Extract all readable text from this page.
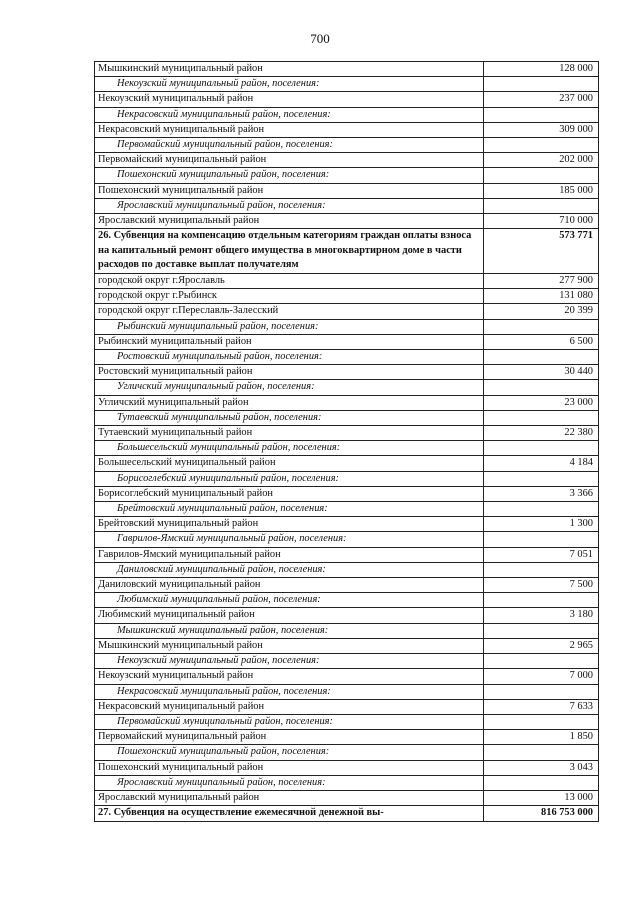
700
Мышкинский муниципальный район	128 000
Некоузский муниципальный район, поселения:	
Некоузский муниципальный район	237 000
Некрасовский муниципальный район, поселения:	
Некрасовский муниципальный район	309 000
Первомайский муниципальный район, поселения:	
Первомайский муниципальный район	202 000
Пошехонский муниципальный район, поселения:	
Пошехонский муниципальный район	185 000
Ярославский муниципальный район, поселения:	
Ярославский муниципальный район	710 000
26. Субвенция на компенсацию отдельным категориям граждан оплаты взноса на капитальный ремонт общего имущества в многоквартирном доме в части расходов по доставке выплат получателям	573 771
городской округ г.Ярославль	277 900
городской округ г.Рыбинск	131 080
городской округ г.Переславль-Залесский	20 399
Рыбинский муниципальный район, поселения:	
Рыбинский муниципальный район	6 500
Ростовский муниципальный район, поселения:	
Ростовский муниципальный район	30 440
Угличский муниципальный район, поселения:	
Угличский муниципальный район	23 000
Тутаевский муниципальный район, поселения:	
Тутаевский муниципальный район	22 380
Большесельский муниципальный район, поселения:	
Большесельский муниципальный район	4 184
Борисоглебский муниципальный район, поселения:	
Борисоглебский муниципальный район	3 366
Брейтовский муниципальный район, поселения:	
Брейтовский муниципальный район	1 300
Гаврилов-Ямский муниципальный район, поселения:	
Гаврилов-Ямский муниципальный район	7 051
Даниловский муниципальный район, поселения:	
Даниловский муниципальный район	7 500
Любимский муниципальный район, поселения:	
Любимский муниципальный район	3 180
Мышкинский муниципальный район, поселения:	
Мышкинский муниципальный район	2 965
Некоузский муниципальный район, поселения:	
Некоузский муниципальный район	7 000
Некрасовский муниципальный район, поселения:	
Некрасовский муниципальный район	7 633
Первомайский муниципальный район, поселения:	
Первомайский муниципальный район	1 850
Пошехонский муниципальный район, поселения:	
Пошехонский муниципальный район	3 043
Ярославский муниципальный район, поселения:	
Ярославский муниципальный район	13 000
27. Субвенция на осуществление ежемесячной денежной вы-	816 753 000
